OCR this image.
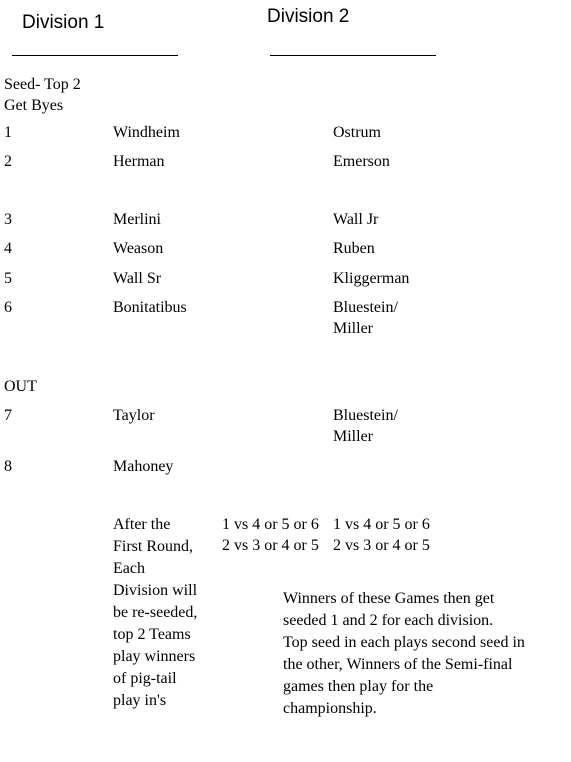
Division 1	Division 2
Seed- Top 2
Get Byes
1	Windheim	Ostrum
2	Herman	Emerson
3	Merlini	Wall Jr
4	Weason	Ruben
5	Wall Sr	Kliggerman
6	Bonitatibus	Bluestein/
Miller
OUT
7	Taylor	Bluestein/
Miller
8	Mahoney
After the
First Round,
Each
Division will
be re-seeded,
top 2 Teams
play winners
of pig-tail
play in's
1 vs 4 or 5 or 6
2 vs 3 or 4 or 5
1 vs 4 or 5 or 6
2 vs 3 or 4 or 5
Winners of these Games then get
seeded 1 and 2 for each division.
Top seed in each plays second seed in
the other, Winners of the Semi-final
games then play for the
championship.
